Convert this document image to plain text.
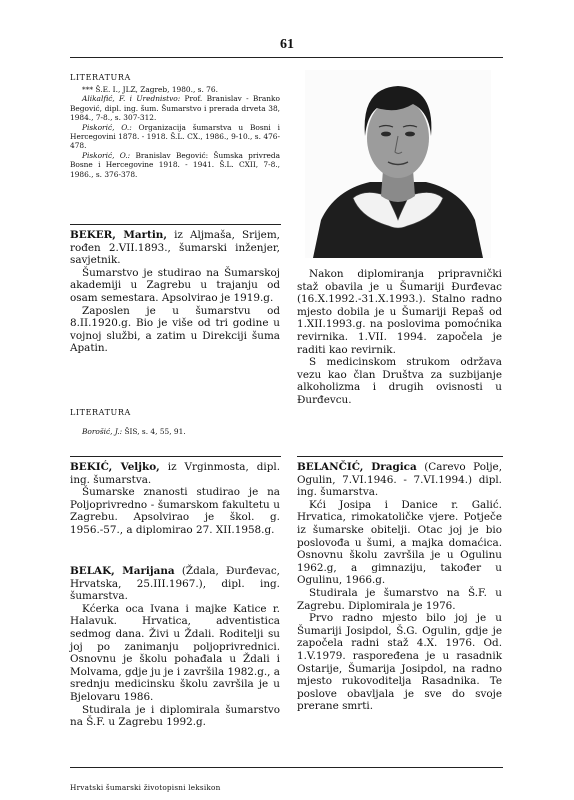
61
LITERATURA

*** Š.E. I., JLZ, Zagreb, 1980., s. 76.

Alikalfić, F. i Urednistvo: Prof. Branislav - Branko Begović, dipl. ing. šum. Šumarstvo i prerada drveta 38, 1984., 7-8., s. 307-312.

Piskorić, O.: Organizacija šumarstva u Bosni i Hercegovini 1878. - 1918. Š.L. CX., 1986., 9-10., s. 476-478.

Piskorić, O.: Branislav Begović: Šumska privreda Bosne i Hercegovine 1918. - 1941. Š.L. CXII, 7-8., 1986., s. 376-378.

BEKER, Martin, iz Aljmaša, Srijem, rođen 2.VII.1893., šumarski inženjer, savjetnik.

Šumarstvo je studirao na Šumarskoj akademiji u Zagrebu u trajanju od osam semestara. Apsolvirao je 1919.g.

Zaposlen je u šumarstvu od 8.II.1920.g. Bio je više od tri godine u vojnoj službi, a zatim u Direkciji šuma Apatin.

LITERATURA

Borošić, J.: ŠIS, s. 4, 55, 91.

BEKIĆ, Veljko, iz Vrginmosta, dipl. ing. šumarstva.

Šumarske znanosti studirao je na Poljoprivredno - šumarskom fakultetu u Zagrebu. Apsolvirao je škol. g. 1956.-57., a diplomirao 27. XII.1958.g.

BELAK, Marijana (Ždala, Đurđevac, Hrvatska, 25.III.1967.), dipl. ing. šumarstva.

Kćerka oca Ivana i majke Katice r. Halavuk. Hrvatica, adventistica sedmog dana. Živi u Ždali. Roditelji su joj po zanimanju poljoprivrednici. Osnovnu je školu pohađala u Ždali i Molvama, gdje ju je i završila 1982.g., a srednju medicinsku školu završila je u Bjelovaru 1986.

Studirala je i diplomirala šumarstvo na Š.F. u Zagrebu 1992.g.

Nakon diplomiranja pripravnički staž obavila je u Šumariji Đurđevac (16.X.1992.-31.X.1993.). Stalno radno mjesto dobila je u Šumariji Repaš od 1.XII.1993.g. na poslovima pomoćnika revirnika. 1.VII. 1994. započela je raditi kao revirnik.

S medicinskom strukom održava vezu kao član Društva za suzbijanje alkoholizma i drugih ovisnosti u Đurđevcu.

BELANČIĆ, Dragica (Carevo Polje, Ogulin, 7.VI.1946. - 7.VI.1994.) dipl. ing. šumarstva.

Kći Josipa i Danice r. Galić. Hrvatica, rimokatoličke vjere. Potječe iz šumarske obitelji. Otac joj je bio poslovođa u šumi, a majka domaćica. Osnovnu školu završila je u Ogulinu 1962.g, a gimnaziju, također u Ogulinu, 1966.g.

Studirala je šumarstvo na Š.F. u Zagrebu. Diplomirala je 1976.

Prvo radno mjesto bilo joj je u Šumariji Josipdol, Š.G. Ogulin, gdje je započela radni staž 4.X. 1976. Od. 1.V.1979. raspoređena je u rasadnik Ostarije, Šumarija Josipdol, na radno mjesto rukovoditelja Rasadnika. Te poslove obavljala je sve do svoje prerane smrti.

Hrvatski šumarski životopisni leksikon
